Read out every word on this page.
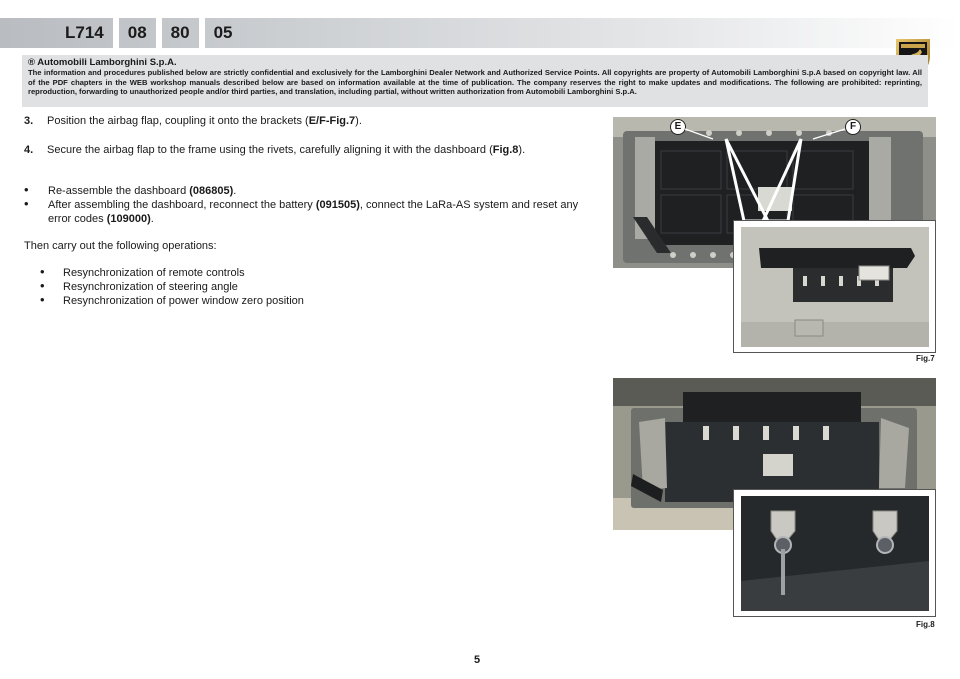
L714	08	80	05
® Automobili Lamborghini S.p.A.

The information and procedures published below are strictly confidential and exclusively for the Lamborghini Dealer Network and Authorized Service Points. All copyrights are property of Automobili Lamborghini S.p.A based on copyright law. All of the PDF chapters in the WEB workshop manuals described below are based on information available at the time of publication. The company reserves the right to make updates and modifications. The following are prohibited: reprinting, reproduction, forwarding to unauthorized people and/or third parties, and translation, including partial, without written authorization from Automobili Lamborghini S.p.A.

3. Position the airbag flap, coupling it onto the brackets (E/F-Fig.7).
4. Secure the airbag flap to the frame using the rivets, carefully aligning it with the dashboard (Fig.8).
• Re-assemble the dashboard (086805).
• After assembling the dashboard, reconnect the battery (091505), connect the LaRa-AS system and reset any error codes (109000).
Then carry out the following operations:
• Resynchronization of remote controls
• Resynchronization of steering angle
• Resynchronization of power window zero position
E	F
Fig.7
Fig.8
5
